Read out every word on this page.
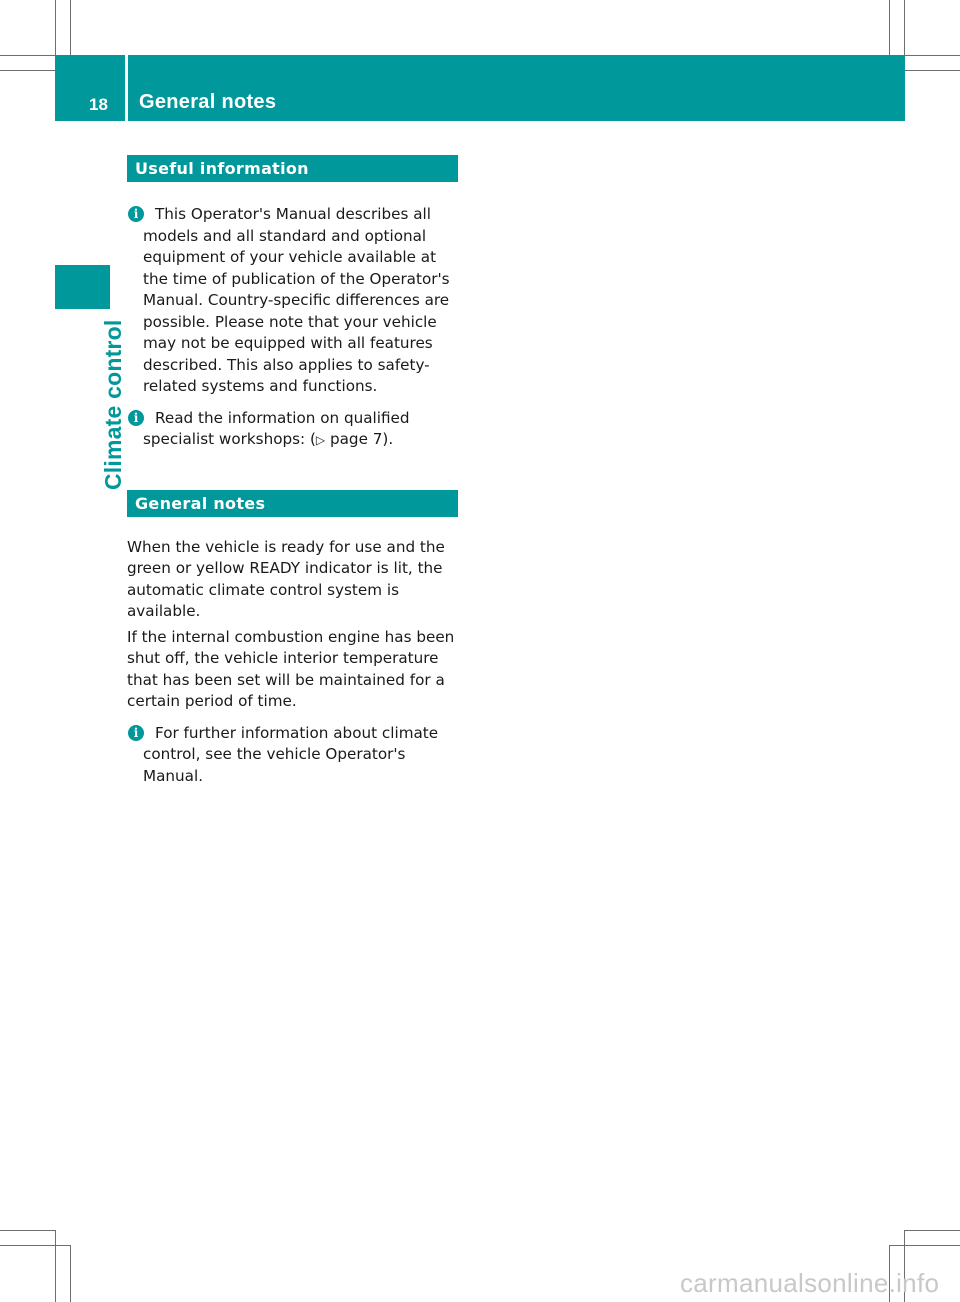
18 General notes
Climate control
Useful information
i	This Operator's Manual describes all models and all standard and optional equipment of your vehicle available at the time of publication of the Operator's Manual. Country-specific differences are possible. Please note that your vehicle may not be equipped with all features described. This also applies to safety-related systems and functions.
i	Read the information on qualified specialist workshops: (▷ page 7).
General notes

When the vehicle is ready for use and the green or yellow READY indicator is lit, the automatic climate control system is available.

If the internal combustion engine has been shut off, the vehicle interior temperature that has been set will be maintained for a certain period of time.

i	For further information about climate control, see the vehicle Operator's Manual.
carmanualsonline.info
